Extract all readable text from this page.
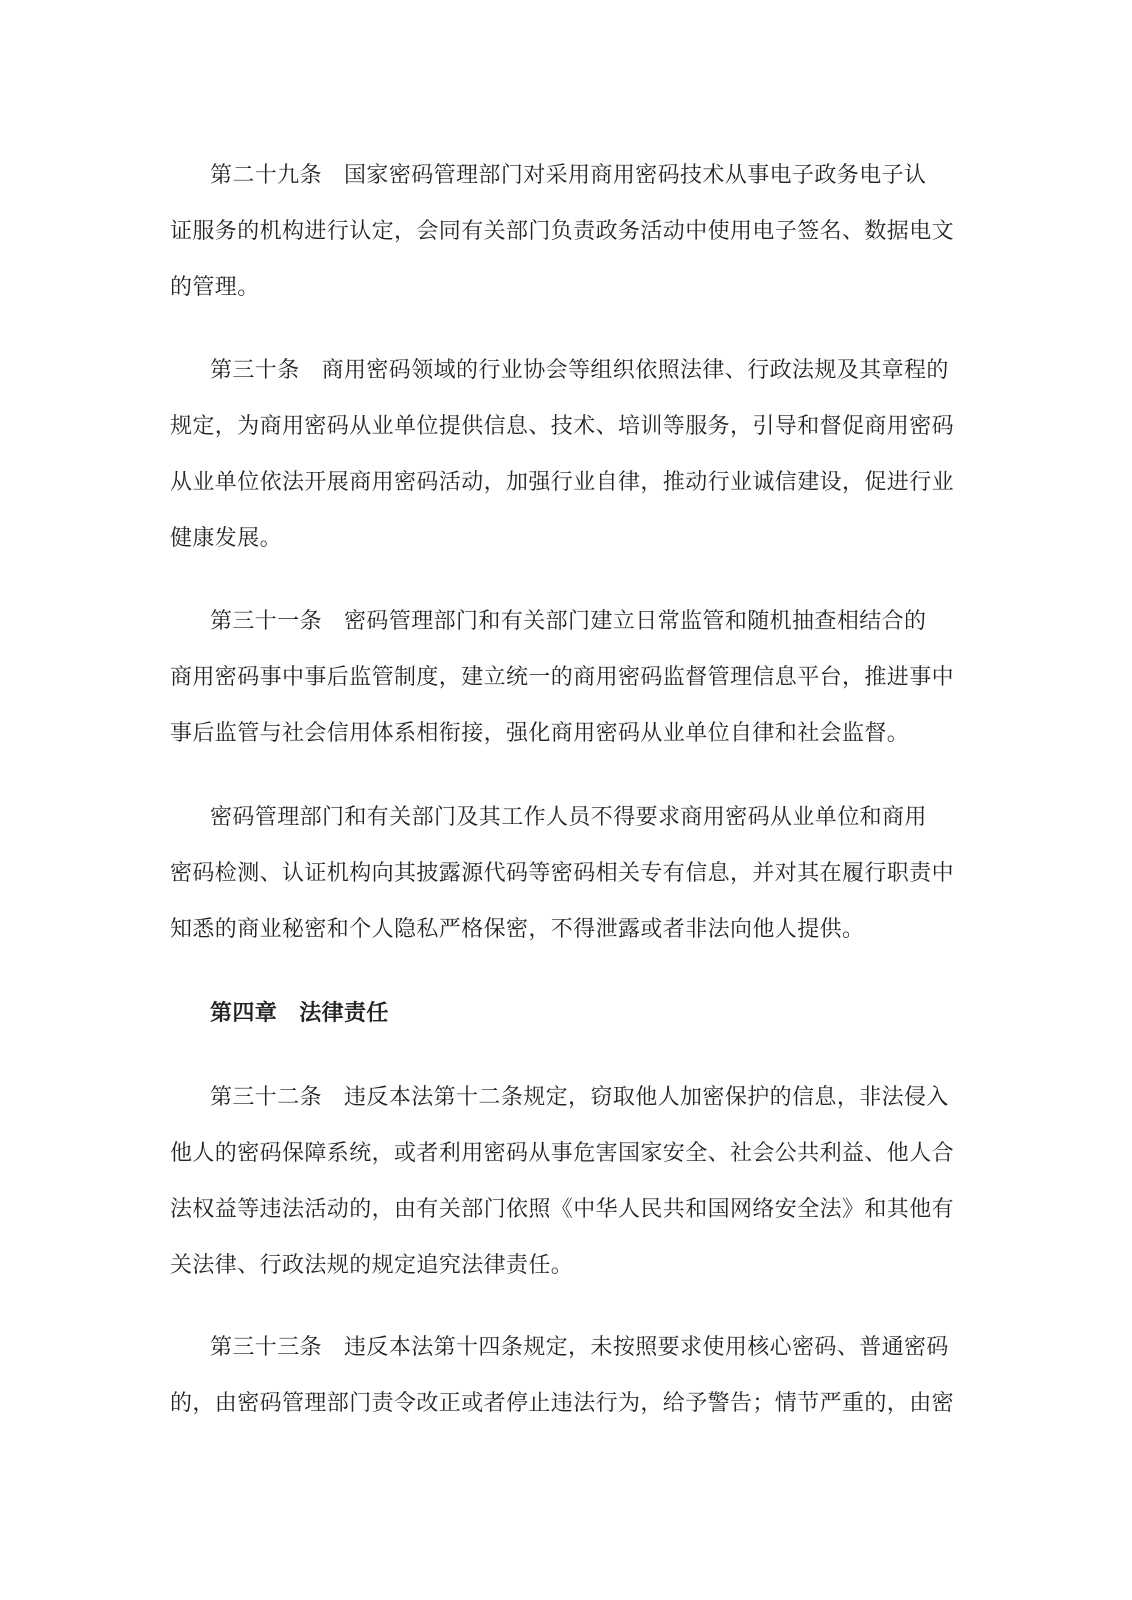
第二十九条 国家密码管理部门对采用商用密码技术从事电子政务电子认
证服务的机构进行认定，会同有关部门负责政务活动中使用电子签名、数据电文
的管理。
第三十条 商用密码领域的行业协会等组织依照法律、行政法规及其章程的
规定，为商用密码从业单位提供信息、技术、培训等服务，引导和督促商用密码
从业单位依法开展商用密码活动，加强行业自律，推动行业诚信建设，促进行业
健康发展。
第三十一条 密码管理部门和有关部门建立日常监管和随机抽查相结合的
商用密码事中事后监管制度，建立统一的商用密码监督管理信息平台，推进事中
事后监管与社会信用体系相衔接，强化商用密码从业单位自律和社会监督。
密码管理部门和有关部门及其工作人员不得要求商用密码从业单位和商用
密码检测、认证机构向其披露源代码等密码相关专有信息，并对其在履行职责中
知悉的商业秘密和个人隐私严格保密，不得泄露或者非法向他人提供。
第四章 法律责任
第三十二条 违反本法第十二条规定，窃取他人加密保护的信息，非法侵入
他人的密码保障系统，或者利用密码从事危害国家安全、社会公共利益、他人合
法权益等违法活动的，由有关部门依照《中华人民共和国网络安全法》和其他有
关法律、行政法规的规定追究法律责任。
第三十三条 违反本法第十四条规定，未按照要求使用核心密码、普通密码
的，由密码管理部门责令改正或者停止违法行为，给予警告；情节严重的，由密
